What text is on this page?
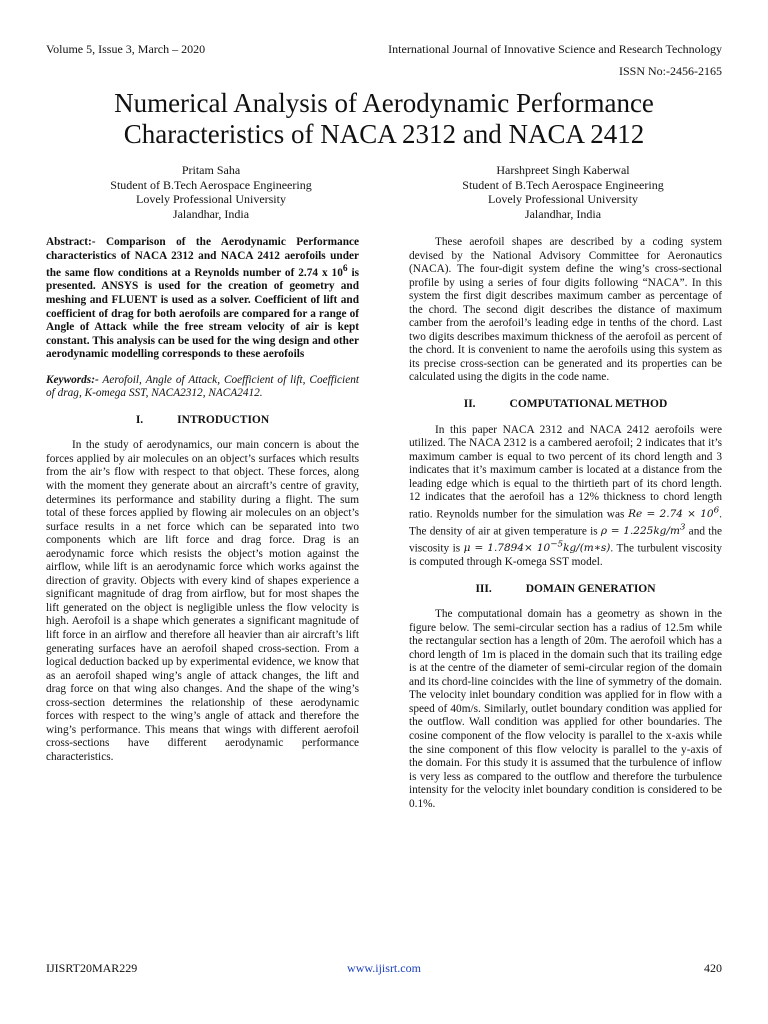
Volume 5, Issue 3, March – 2020	International Journal of Innovative Science and Research Technology
ISSN No:-2456-2165
Numerical Analysis of Aerodynamic Performance
Characteristics of NACA 2312 and NACA 2412
Pritam Saha
Student of B.Tech Aerospace Engineering
Lovely Professional University
Jalandhar, India
Harshpreet Singh Kaberwal
Student of B.Tech Aerospace Engineering
Lovely Professional University
Jalandhar, India

Abstract:- Comparison of the Aerodynamic Performance characteristics of NACA 2312 and NACA 2412 aerofoils under the same flow conditions at a Reynolds number of 2.74 x $10^6$ is presented. ANSYS is used for the creation of geometry and meshing and FLUENT is used as a solver. Coefficient of lift and coefficient of drag for both aerofoils are compared for a range of Angle of Attack while the free stream velocity of air is kept constant. This analysis can be used for the wing design and other aerodynamic modelling corresponds to these aerofoils

Keywords:- Aerofoil, Angle of Attack, Coefficient of lift, Coefficient of drag, K-omega SST, NACA2312, NACA2412.

I.	INTRODUCTION

In the study of aerodynamics, our main concern is about the forces applied by air molecules on an object’s surfaces which results from the air’s flow with respect to that object. These forces, along with the moment they generate about an aircraft’s centre of gravity, determines its performance and stability during a flight. The sum total of these forces applied by flowing air molecules on an object’s surface results in a net force which can be separated into two components which are lift force and drag force. Drag is an aerodynamic force which resists the object’s motion against the airflow, while lift is an aerodynamic force which works against the direction of gravity. Objects with every kind of shapes experience a significant magnitude of drag from airflow, but for most shapes the lift generated on the object is negligible unless the flow velocity is high. Aerofoil is a shape which generates a significant magnitude of lift force in an airflow and therefore all heavier than air aircraft’s lift generating surfaces have an aerofoil shaped cross-section. From a logical deduction backed up by experimental evidence, we know that as an aerofoil shaped wing’s angle of attack changes, the lift and drag force on that wing also changes. And the shape of the wing’s cross-section determines the relationship of these aerodynamic forces with respect to the wing’s angle of attack and therefore the wing’s performance. This means that wings with different aerofoil cross-sections have different aerodynamic performance characteristics.

These aerofoil shapes are described by a coding system devised by the National Advisory Committee for Aeronautics (NACA). The four-digit system define the wing’s cross-sectional profile by using a series of four digits following “NACA”. In this system the first digit describes maximum camber as percentage of the chord. The second digit describes the distance of maximum camber from the aerofoil’s leading edge in tenths of the chord. Last two digits describes maximum thickness of the aerofoil as percent of the chord. It is convenient to name the aerofoils using this system as its precise cross-section can be generated and its properties can be calculated using the digits in the code name.

II.	COMPUTATIONAL METHOD

In this paper NACA 2312 and NACA 2412 aerofoils were utilized. The NACA 2312 is a cambered aerofoil; 2 indicates that it’s maximum camber is equal to two percent of its chord length and 3 indicates that it’s maximum camber is located at a distance from the leading edge which is equal to the thirtieth part of its chord length. 12 indicates that the aerofoil has a 12% thickness to chord length ratio. Reynolds number for the simulation was $Re = 2.74 \times 10^6$. The density of air at given temperature is $\rho = 1.225kg/m^3$ and the viscosity is $\mu = 1.7894\times 10^{-5}kg/(m∗s)$. The turbulent viscosity is computed through K-omega SST model.

III.	DOMAIN GENERATION

The computational domain has a geometry as shown in the figure below. The semi-circular section has a radius of 12.5m while the rectangular section has a length of 20m. The aerofoil which has a chord length of 1m is placed in the domain such that its trailing edge is at the centre of the diameter of semi-circular region of the domain and its chord-line coincides with the line of symmetry of the domain. The velocity inlet boundary condition was applied for in flow with a speed of 40m/s. Similarly, outlet boundary condition was applied for the outflow. Wall condition was applied for other boundaries. The cosine component of the flow velocity is parallel to the x-axis while the sine component of this flow velocity is parallel to the y-axis of the domain. For this study it is assumed that the turbulence of inflow is very less as compared to the outflow and therefore the turbulence intensity for the velocity inlet boundary condition is considered to be 0.1%.

IJISRT20MAR229	www.ijisrt.com	420
